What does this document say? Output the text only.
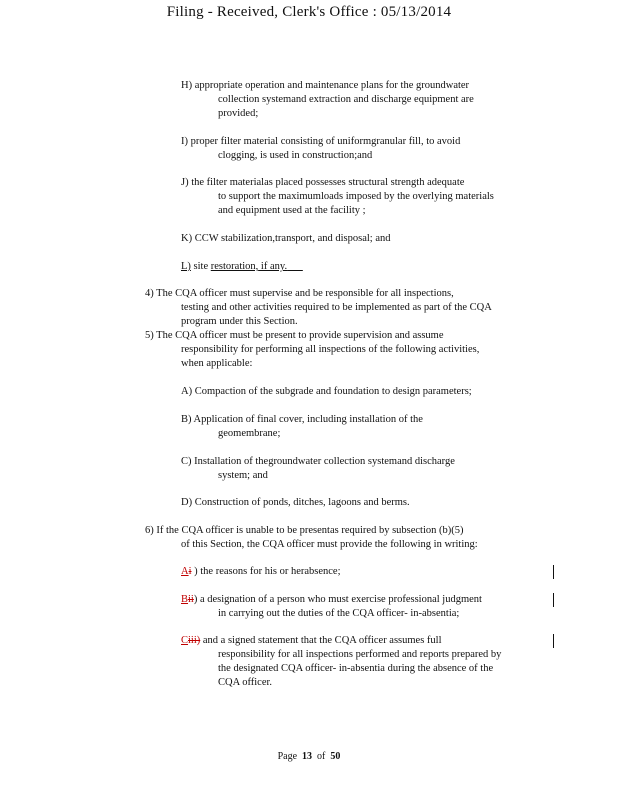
Filing - Received, Clerk's Office : 05/13/2014
H) appropriate operation and maintenance plans for the groundwater
collection systemand extraction and discharge equipment are
provided;
I) proper filter material consisting of uniformgranular fill, to avoid
clogging, is used in construction;and
J) the filter materialas placed possesses structural strength adequate
to support the maximumloads imposed by the overlying materials
and equipment used at the facility ;
K) CCW stabilization,transport, and disposal; and
L) site restoration, if any.
4) The CQA officer must supervise and be responsible for all inspections,
testing and other activities required to be implemented as part of the CQA
program under this Section.
5) The CQA officer must be present to provide supervision and assume
responsibility for performing all inspections of the following activities,
when applicable:
A) Compaction of the subgrade and foundation to design parameters;
B) Application of final cover, including installation of the
geomembrane;
C) Installation of thegroundwater collection systemand discharge
system; and
D) Construction of ponds, ditches, lagoons and berms.
6) If the CQA officer is unable to be presentas required by subsection (b)(5)
of this Section, the CQA officer must provide the following in writing:
Ai ) the reasons for his or herabsence;
Bii) a designation of a person who must exercise professional judgment
in carrying out the duties of the CQA officer- in-absentia;
Ciii) and a signed statement that the CQA officer assumes full
responsibility for all inspections performed and reports prepared by
the designated CQA officer- in-absentia during the absence of the
CQA officer.
Page 13 of 50
